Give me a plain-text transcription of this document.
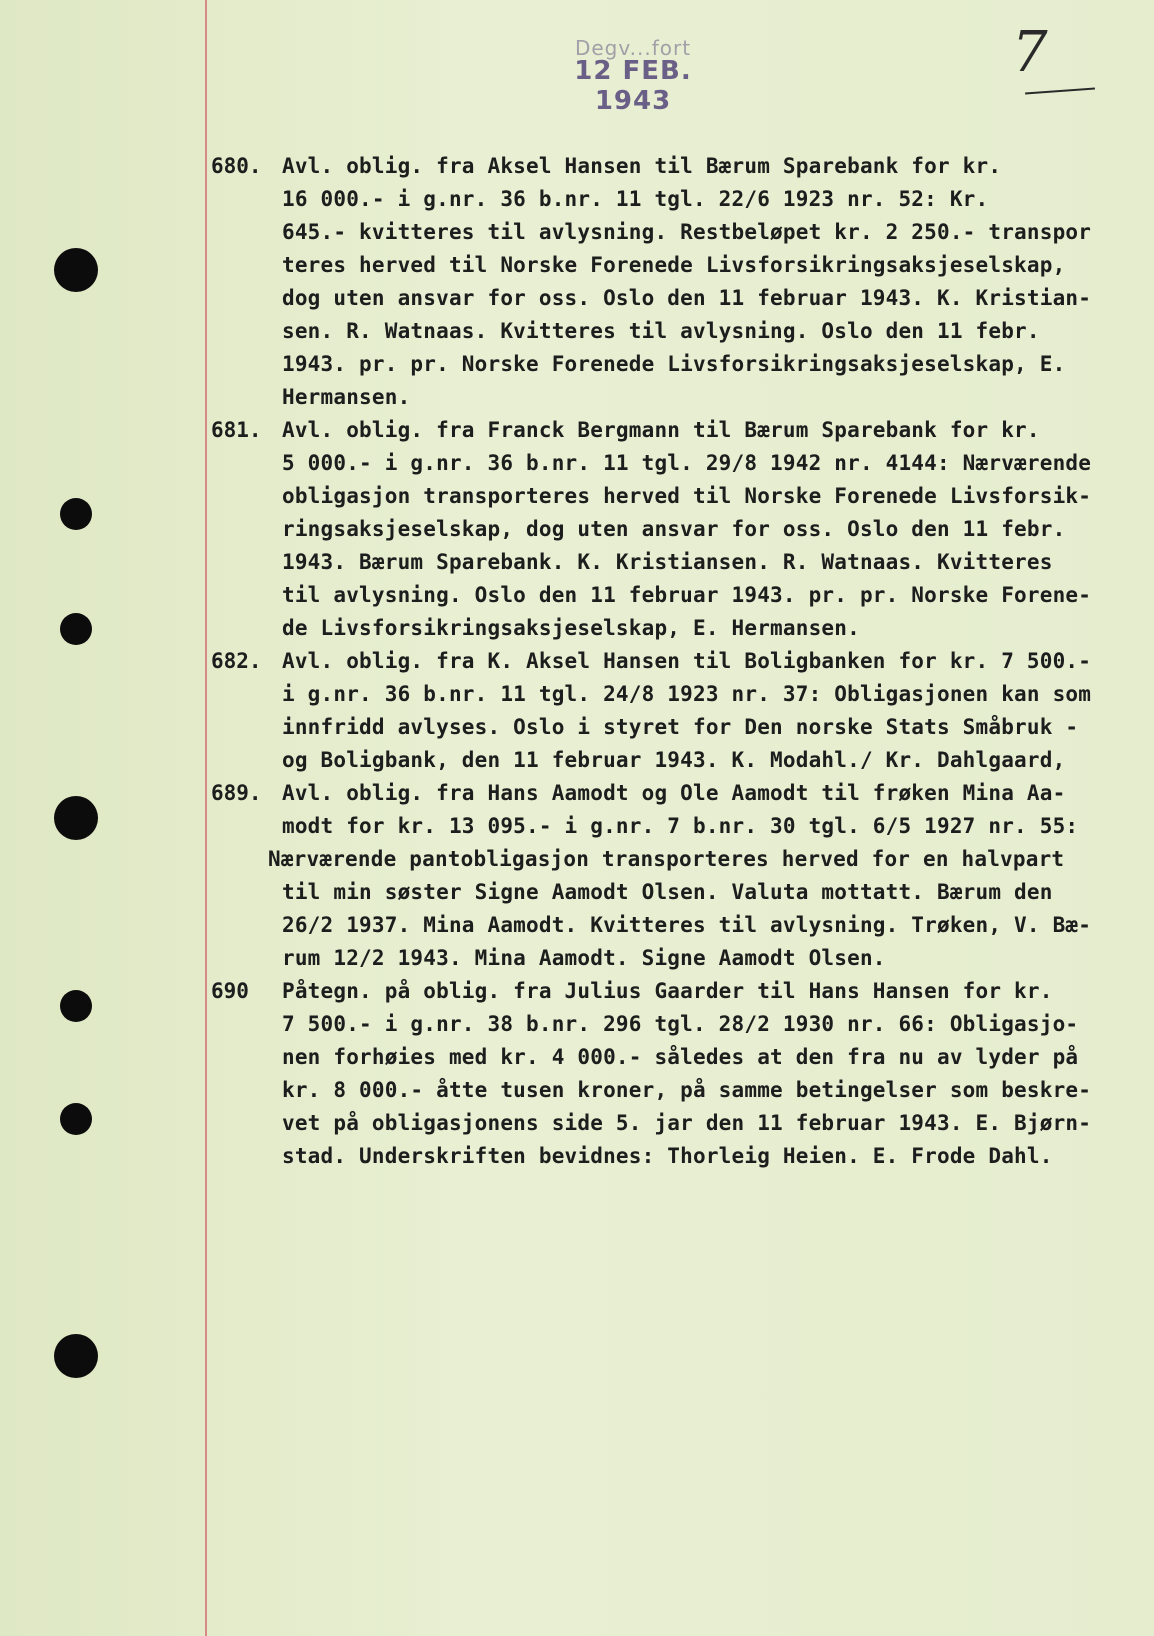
Degv...fort
12 FEB. 1943
7
680. Avl. oblig. fra Aksel Hansen til Bærum Sparebank for kr.
16 000.- i g.nr. 36 b.nr. 11 tgl. 22/6 1923 nr. 52: Kr.
645.- kvitteres til avlysning. Restbeløpet kr. 2 250.- transpor
teres herved til Norske Forenede Livsforsikringsaksjeselskap,
dog uten ansvar for oss. Oslo den 11 februar 1943. K. Kristian-
sen. R. Watnaas. Kvitteres til avlysning. Oslo den 11 febr.
1943. pr. pr. Norske Forenede Livsforsikringsaksjeselskap, E.
Hermansen.
681. Avl. oblig. fra Franck Bergmann til Bærum Sparebank for kr.
5 000.- i g.nr. 36 b.nr. 11 tgl. 29/8 1942 nr. 4144: Nærværende
obligasjon transporteres herved til Norske Forenede Livsforsik-
ringsaksjeselskap, dog uten ansvar for oss. Oslo den 11 febr.
1943. Bærum Sparebank. K. Kristiansen. R. Watnaas. Kvitteres
til avlysning. Oslo den 11 februar 1943. pr. pr. Norske Forene-
de Livsforsikringsaksjeselskap, E. Hermansen.
682. Avl. oblig. fra K. Aksel Hansen til Boligbanken for kr. 7 500.-
i g.nr. 36 b.nr. 11 tgl. 24/8 1923 nr. 37: Obligasjonen kan som
innfridd avlyses. Oslo i styret for Den norske Stats Småbruk -
og Boligbank, den 11 februar 1943. K. Modahl./ Kr. Dahlgaard,
689. Avl. oblig. fra Hans Aamodt og Ole Aamodt til frøken Mina Aa-
modt for kr. 13 095.- i g.nr. 7 b.nr. 30 tgl. 6/5 1927 nr. 55:
Nærværende pantobligasjon transporteres herved for en halvpart
til min søster Signe Aamodt Olsen. Valuta mottatt. Bærum den
26/2 1937. Mina Aamodt. Kvitteres til avlysning. Trøken, V. Bæ-
rum 12/2 1943. Mina Aamodt. Signe Aamodt Olsen.
690 Påtegn. på oblig. fra Julius Gaarder til Hans Hansen for kr.
7 500.- i g.nr. 38 b.nr. 296 tgl. 28/2 1930 nr. 66: Obligasjo-
nen forhøies med kr. 4 000.- således at den fra nu av lyder på
kr. 8 000.- åtte tusen kroner, på samme betingelser som beskre-
vet på obligasjonens side 5. jar den 11 februar 1943. E. Bjørn-
stad. Underskriften bevidnes: Thorleig Heien. E. Frode Dahl.
